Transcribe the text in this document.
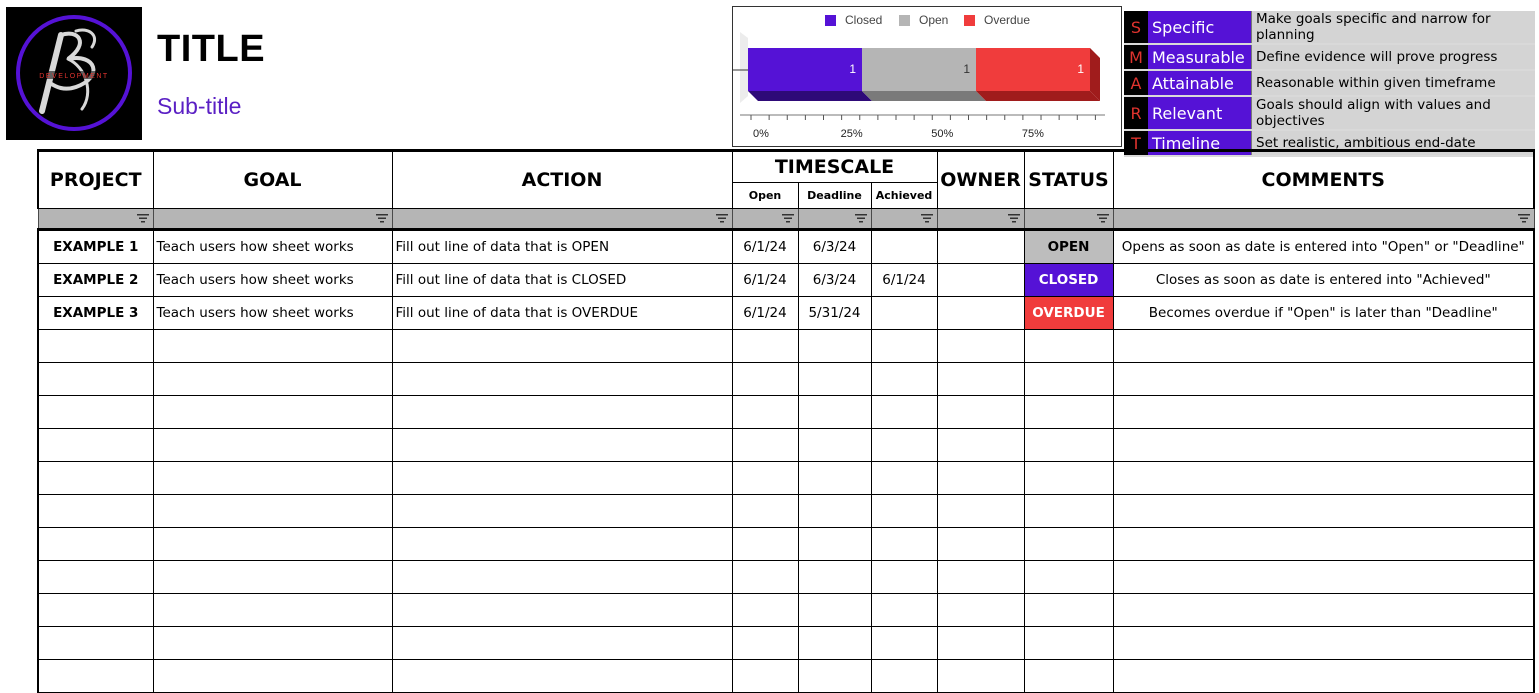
DEVELOPMENT
TITLE
Sub-title
Closed	Open	Overdue
1	1	1
0%	25%	50%	75%
S	Specific	Make goals specific and narrow for planning
M	Measurable	Define evidence will prove progress
A	Attainable	Reasonable within given timeframe
R	Relevant	Goals should align with values and objectives
T	Timeline	Set realistic, ambitious end-date
PROJECT	GOAL	ACTION	TIMESCALE			OWNER	STATUS	COMMENTS
			Open	Deadline	Achieved			

EXAMPLE 1	Teach users how sheet works	Fill out line of data that is OPEN	6/1/24	6/3/24			OPEN	Opens as soon as date is entered into "Open" or "Deadline"
EXAMPLE 2	Teach users how sheet works	Fill out line of data that is CLOSED	6/1/24	6/3/24	6/1/24		CLOSED	Closes as soon as date is entered into "Achieved"
EXAMPLE 3	Teach users how sheet works	Fill out line of data that is OVERDUE	6/1/24	5/31/24			OVERDUE	Becomes overdue if "Open" is later than "Deadline"
